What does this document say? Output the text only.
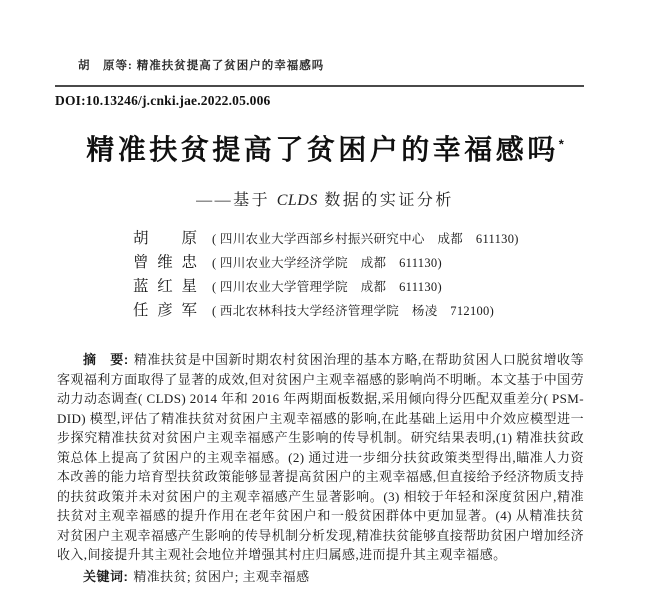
胡　原等: 精准扶贫提高了贫困户的幸福感吗
DOI:10.13246/j.cnki.jae.2022.05.006
精准扶贫提高了贫困户的幸福感吗*
——基于 CLDS 数据的实证分析
胡原 ( 四川农业大学西部乡村振兴研究中心　成都　611130)
曾维忠 ( 四川农业大学经济学院　成都　611130)
蓝红星 ( 四川农业大学管理学院　成都　611130)
任彦军 ( 西北农林科技大学经济管理学院　杨凌　712100)

摘　要: 精准扶贫是中国新时期农村贫困治理的基本方略,在帮助贫困人口脱贫增收等客观福利方面取得了显著的成效,但对贫困户主观幸福感的影响尚不明晰。本文基于中国劳动力动态调查( CLDS) 2014 年和 2016 年两期面板数据,采用倾向得分匹配双重差分( PSM-DID) 模型,评估了精准扶贫对贫困户主观幸福感的影响,在此基础上运用中介效应模型进一步探究精准扶贫对贫困户主观幸福感产生影响的传导机制。研究结果表明,(1) 精准扶贫政策总体上提高了贫困户的主观幸福感。(2) 通过进一步细分扶贫政策类型得出,瞄准人力资本改善的能力培育型扶贫政策能够显著提高贫困户的主观幸福感,但直接给予经济物质支持的扶贫政策并未对贫困户的主观幸福感产生显著影响。(3) 相较于年轻和深度贫困户,精准扶贫对主观幸福感的提升作用在老年贫困户和一般贫困群体中更加显著。(4) 从精准扶贫对贫困户主观幸福感产生影响的传导机制分析发现,精准扶贫能够直接帮助贫困户增加经济收入,间接提升其主观社会地位并增强其村庄归属感,进而提升其主观幸福感。

关键词: 精准扶贫; 贫困户; 主观幸福感
